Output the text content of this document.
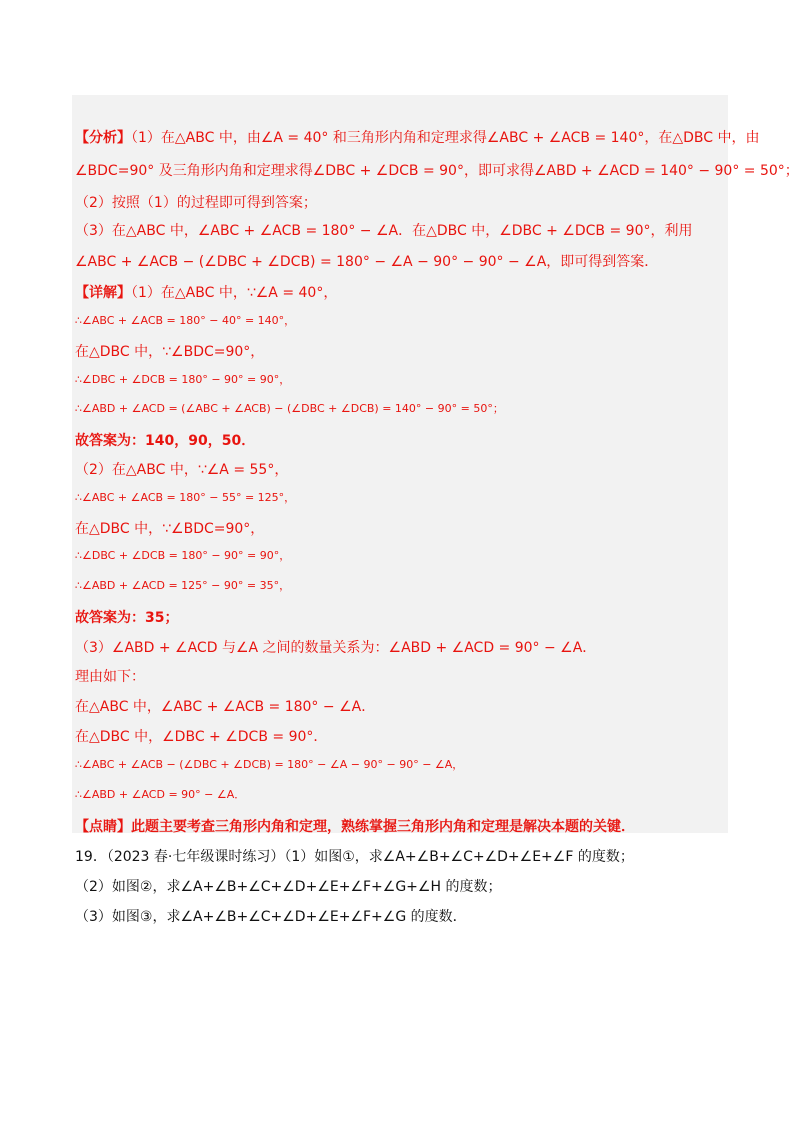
【分析】（1）在△ABC 中，由∠A = 40° 和三角形内角和定理求得∠ABC + ∠ACB = 140°，在△DBC 中，由
∠BDC=90° 及三角形内角和定理求得∠DBC + ∠DCB = 90°，即可求得∠ABD + ∠ACD = 140° − 90° = 50°；
（2）按照（1）的过程即可得到答案；
（3）在△ABC 中，∠ABC + ∠ACB = 180° − ∠A．在△DBC 中，∠DBC + ∠DCB = 90°，利用
∠ABC + ∠ACB − (∠DBC + ∠DCB) = 180° − ∠A − 90° − 90° − ∠A，即可得到答案．
【详解】（1）在△ABC 中，∵∠A = 40°，
∴∠ABC + ∠ACB = 180° − 40° = 140°，
在△DBC 中，∵∠BDC=90°，
∴∠DBC + ∠DCB = 180° − 90° = 90°，
∴∠ABD + ∠ACD = (∠ABC + ∠ACB) − (∠DBC + ∠DCB) = 140° − 90° = 50°；
故答案为：140，90，50．
（2）在△ABC 中，∵∠A = 55°，
∴∠ABC + ∠ACB = 180° − 55° = 125°，
在△DBC 中，∵∠BDC=90°，
∴∠DBC + ∠DCB = 180° − 90° = 90°，
∴∠ABD + ∠ACD = 125° − 90° = 35°，
故答案为：35；
（3）∠ABD + ∠ACD 与∠A 之间的数量关系为：∠ABD + ∠ACD = 90° − ∠A．
理由如下：
在△ABC 中，∠ABC + ∠ACB = 180° − ∠A．
在△DBC 中，∠DBC + ∠DCB = 90°．
∴∠ABC + ∠ACB − (∠DBC + ∠DCB) = 180° − ∠A − 90° − 90° − ∠A，
∴∠ABD + ∠ACD = 90° − ∠A．
【点睛】此题主要考查三角形内角和定理，熟练掌握三角形内角和定理是解决本题的关键．
19．（2023 春·七年级课时练习）（1）如图①，求∠A+∠B+∠C+∠D+∠E+∠F 的度数；
（2）如图②，求∠A+∠B+∠C+∠D+∠E+∠F+∠G+∠H 的度数；
（3）如图③，求∠A+∠B+∠C+∠D+∠E+∠F+∠G 的度数．
